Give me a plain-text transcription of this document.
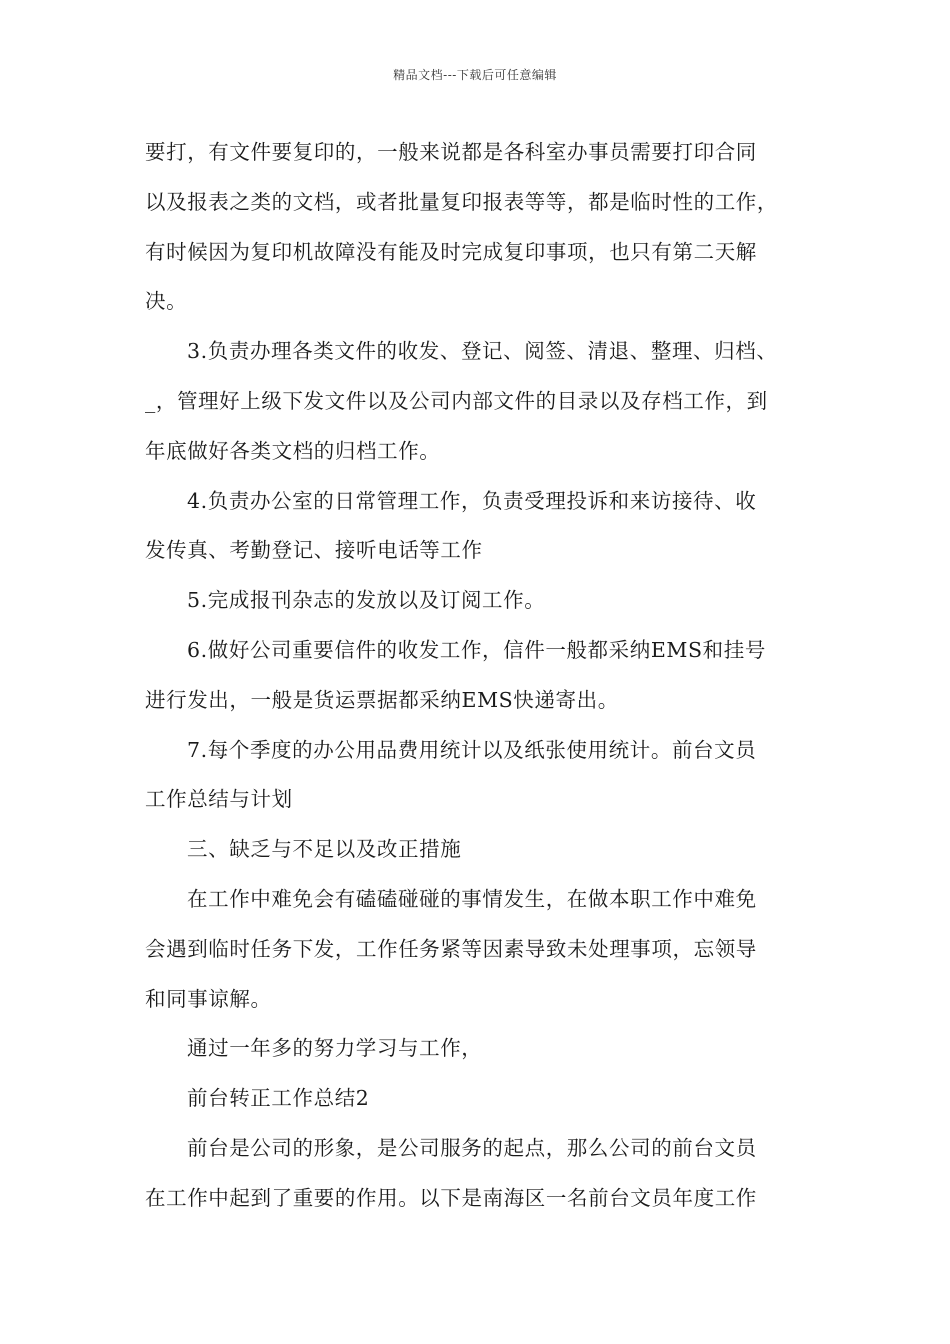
精品文档---下载后可任意编辑
要打，有文件要复印的，一般来说都是各科室办事员需要打印合同
以及报表之类的文档，或者批量复印报表等等，都是临时性的工作，
有时候因为复印机故障没有能及时完成复印事项，也只有第二天解
决。
3.负责办理各类文件的收发、登记、阅签、清退、整理、归档、
_，管理好上级下发文件以及公司内部文件的目录以及存档工作，到
年底做好各类文档的归档工作。
4.负责办公室的日常管理工作，负责受理投诉和来访接待、收
发传真、考勤登记、接听电话等工作
5.完成报刊杂志的发放以及订阅工作。
6.做好公司重要信件的收发工作，信件一般都采纳EMS和挂号
进行发出，一般是货运票据都采纳EMS快递寄出。
7.每个季度的办公用品费用统计以及纸张使用统计。前台文员
工作总结与计划
三、缺乏与不足以及改正措施
在工作中难免会有磕磕碰碰的事情发生，在做本职工作中难免
会遇到临时任务下发，工作任务紧等因素导致未处理事项，忘领导
和同事谅解。
通过一年多的努力学习与工作，
前台转正工作总结2
前台是公司的形象，是公司服务的起点，那么公司的前台文员
在工作中起到了重要的作用。以下是南海区一名前台文员年度工作
